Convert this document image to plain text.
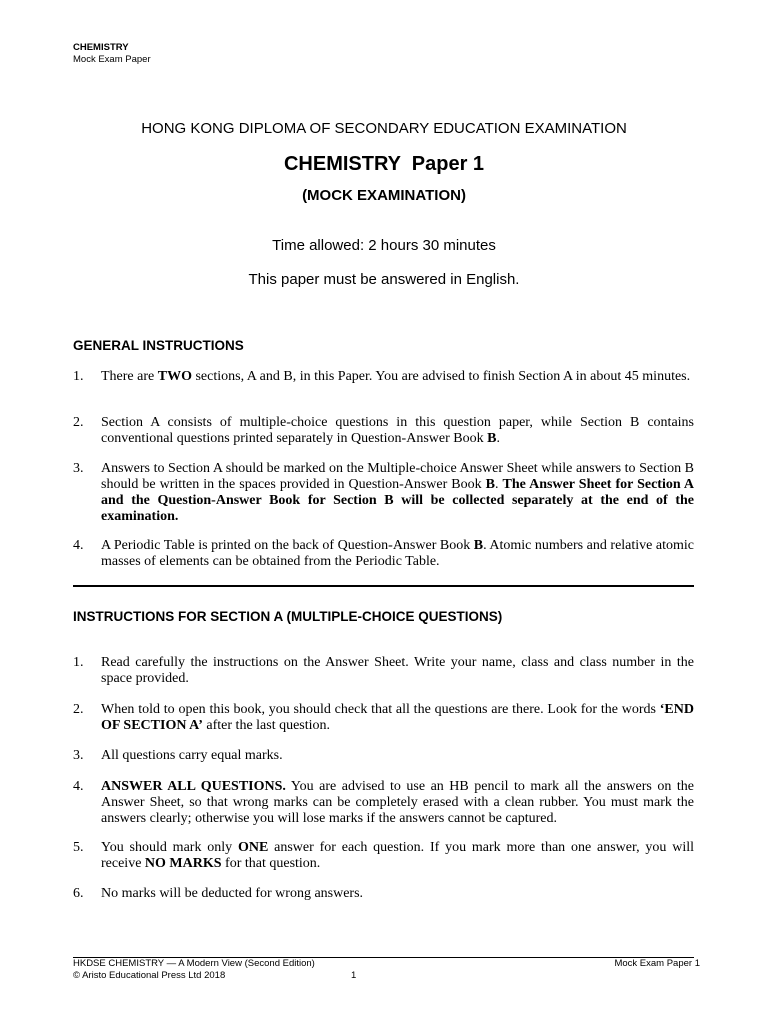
CHEMISTRY
Mock Exam Paper
HONG KONG DIPLOMA OF SECONDARY EDUCATION EXAMINATION
CHEMISTRY  Paper 1
(MOCK EXAMINATION)
Time allowed: 2 hours 30 minutes
This paper must be answered in English.
GENERAL INSTRUCTIONS
1. There are TWO sections, A and B, in this Paper. You are advised to finish Section A in about 45 minutes.
2. Section A consists of multiple-choice questions in this question paper, while Section B contains conventional questions printed separately in Question-Answer Book B.
3. Answers to Section A should be marked on the Multiple-choice Answer Sheet while answers to Section B should be written in the spaces provided in Question-Answer Book B. The Answer Sheet for Section A and the Question-Answer Book for Section B will be collected separately at the end of the examination.
4. A Periodic Table is printed on the back of Question-Answer Book B. Atomic numbers and relative atomic masses of elements can be obtained from the Periodic Table.
INSTRUCTIONS FOR SECTION A (MULTIPLE-CHOICE QUESTIONS)
1. Read carefully the instructions on the Answer Sheet. Write your name, class and class number in the space provided.
2. When told to open this book, you should check that all the questions are there. Look for the words ‘END OF SECTION A’ after the last question.
3. All questions carry equal marks.
4. ANSWER ALL QUESTIONS. You are advised to use an HB pencil to mark all the answers on the Answer Sheet, so that wrong marks can be completely erased with a clean rubber. You must mark the answers clearly; otherwise you will lose marks if the answers cannot be captured.
5. You should mark only ONE answer for each question. If you mark more than one answer, you will receive NO MARKS for that question.
6. No marks will be deducted for wrong answers.
HKDSE CHEMISTRY — A Modern View (Second Edition)
© Aristo Educational Press Ltd 2018	1
Mock Exam Paper 1
